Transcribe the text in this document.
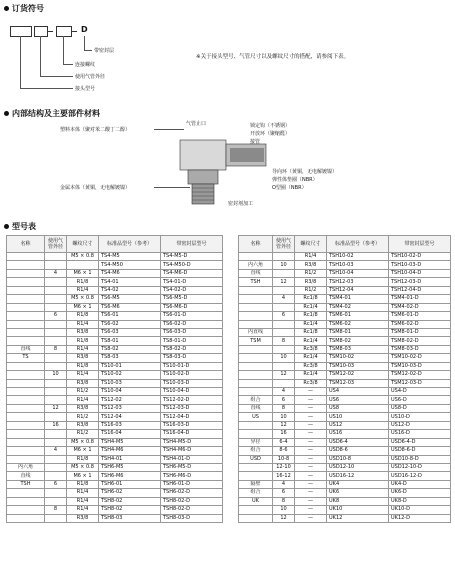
订货符号
D
带密封层
连接螺纹
使用气管外径
接头型号
※关于接头型号、气管尺寸以及螺纹尺寸的搭配，请参阅下表。
内部结构及主要部件材料
塑料本体（聚对苯二酸丁二醇）
金属本体（黄铜，无电解镀镍）
气管止口	锁定钩（不锈钢）
开放环（聚缩醛）
接管
导向环（黄铜，无电解镀镍）
弹性体垫圈（NBR）
O型圈（NBR）
密封剂加工
型号表
名称	使用气管外径	螺纹尺寸	标准品型号（参考）	带密封层型号
		M5 × 0.8	TS4-M5	TS4-M5-D
			TS4-M50	TS4-M50-D
	4	M6 × 1	TS4-M6	TS4-M6-D
		R1/8	TS4-01	TS4-01-D
		R1/4	TS4-02	TS4-02-D
		M5 × 0.8	TS6-M5	TS6-M5-D
		M6 × 1	TS6-M6	TS6-M6-D
	6	R1/8	TS6-01	TS6-01-D
		R1/4	TS6-02	TS6-02-D
		R3/8	TS6-03	TS6-03-D
		R1/8	TS8-01	TS8-01-D
直线	8	R1/4	TS8-02	TS8-02-D
TS		R3/8	TS8-03	TS8-03-D
		R1/8	TS10-01	TS10-01-D
	10	R1/4	TS10-02	TS10-02-D
		R3/8	TS10-03	TS10-03-D
		R1/2	TS10-04	TS10-04-D
		R1/4	TS12-02	TS12-02-D
	12	R3/8	TS12-03	TS12-03-D
		R1/2	TS12-04	TS12-04-D
	16	R3/8	TS16-03	TS16-03-D
		R1/2	TS16-04	TS16-04-D
		M5 × 0.8	TSH4-M5	TSH4-M5-D
	4	M6 × 1	TSH4-M6	TSH4-M6-D
		R1/8	TSH4-01	TSH4-01-D
内六角		M5 × 0.8	TSH6-M5	TSH6-M5-D
直线		M6 × 1	TSH6-M6	TSH6-M6-D
TSH	6	R1/8	TSH6-01	TSH6-01-D
		R1/4	TSH6-02	TSH6-02-D
		R1/4	TSH8-02	TSH8-02-D
	8	R1/4	TSH8-02	TSH8-02-D
		R3/8	TSH8-03	TSH8-03-D
名称	使用气管外径	螺纹尺寸	标准品型号（参考）	带密封层型号
		R1/4	TSH10-02	TSH10-02-D
内六角	10	R3/8	TSH10-03	TSH10-03-D
直线		R1/2	TSH10-04	TSH10-04-D
TSH	12	R3/8	TSH12-03	TSH12-03-D
		R1/2	TSH12-04	TSH12-04-D
	4	Rc1/8	TSM4-01	TSM4-01-D
		Rc1/4	TSM4-02	TSM4-02-D
	6	Rc1/8	TSM6-01	TSM6-01-D
		Rc1/4	TSM6-02	TSM6-02-D
内直线		Rc1/8	TSM8-01	TSM8-01-D
TSM	8	Rc1/4	TSM8-02	TSM8-02-D
		Rc3/8	TSM8-03	TSM8-03-D
	10	Rc1/4	TSM10-02	TSM10-02-D
		Rc3/8	TSM10-03	TSM10-03-D
	12	Rc1/4	TSM12-02	TSM12-02-D
		Rc3/8	TSM12-03	TSM12-03-D
	4	—	US4	US4-D
组合	6	—	US6	US6-D
直线	8	—	US8	US8-D
US	10	—	US10	US10-D
	12	—	US12	US12-D
	16	—	US16	US16-D
异径	6-4	—	USD6-4	USD6-4-D
组合	8-6	—	USD8-6	USD8-6-D
USD	10-8	—	USD10-8	USD10-8-D
	12-10	—	USD12-10	USD12-10-D
	16-12	—	USD16-12	USD16-12-D
隔壁	4	—	UK4	UK4-D
组合	6	—	UK6	UK6-D
UK	8	—	UK8	UK8-D
	10	—	UK10	UK10-D
	12	—	UK12	UK12-D
